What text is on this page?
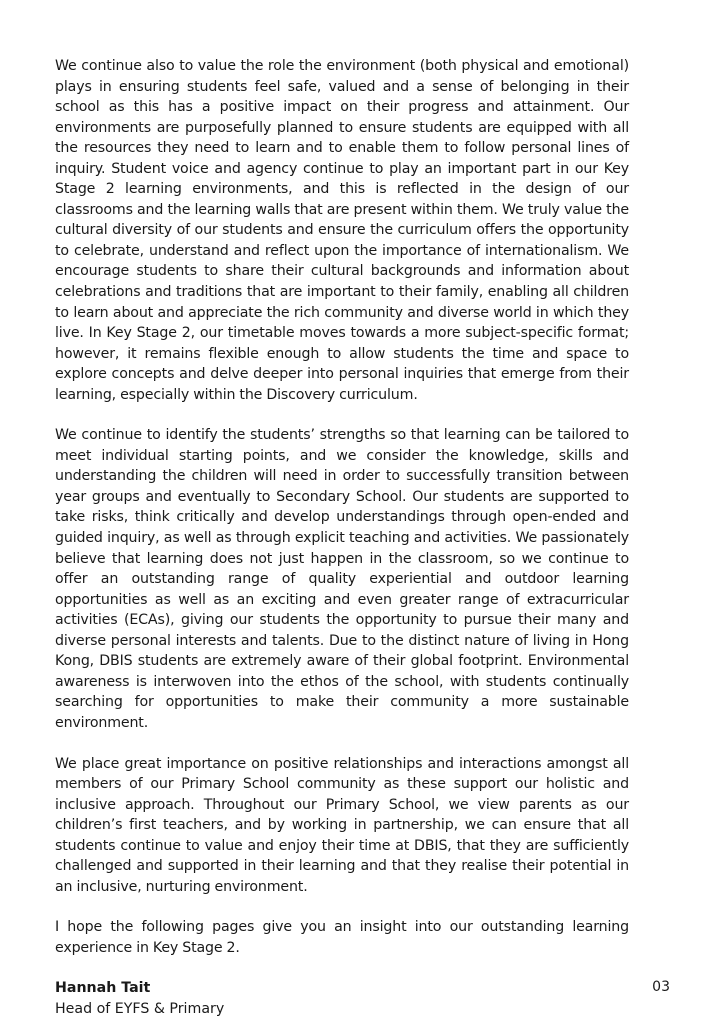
We continue also to value the role the environment (both physical and emotional) plays in ensuring students feel safe, valued and a sense of belonging in their school as this has a positive impact on their progress and attainment. Our environments are purposefully planned to ensure students are equipped with all the resources they need to learn and to enable them to follow personal lines of inquiry. Student voice and agency continue to play an important part in our Key Stage 2 learning environments, and this is reflected in the design of our classrooms and the learning walls that are present within them. We truly value the cultural diversity of our students and ensure the curriculum offers the opportunity to celebrate, understand and reflect upon the importance of internationalism. We encourage students to share their cultural backgrounds and information about celebrations and traditions that are important to their family, enabling all children to learn about and appreciate the rich community and diverse world in which they live. In Key Stage 2, our timetable moves towards a more subject-specific format; however, it remains flexible enough to allow students the time and space to explore concepts and delve deeper into personal inquiries that emerge from their learning, especially within the Discovery curriculum.

We continue to identify the students’ strengths so that learning can be tailored to meet individual starting points, and we consider the knowledge, skills and understanding the children will need in order to successfully transition between year groups and eventually to Secondary School. Our students are supported to take risks, think critically and develop understandings through open-ended and guided inquiry, as well as through explicit teaching and activities. We passionately believe that learning does not just happen in the classroom, so we continue to offer an outstanding range of quality experiential and outdoor learning opportunities as well as an exciting and even greater range of extracurricular activities (ECAs), giving our students the opportunity to pursue their many and diverse personal interests and talents. Due to the distinct nature of living in Hong Kong, DBIS students are extremely aware of their global footprint. Environmental awareness is interwoven into the ethos of the school, with students continually searching for opportunities to make their community a more sustainable environment.

We place great importance on positive relationships and interactions amongst all members of our Primary School community as these support our holistic and inclusive approach. Throughout our Primary School, we view parents as our children’s first teachers, and by working in partnership, we can ensure that all students continue to value and enjoy their time at DBIS, that they are sufficiently challenged and supported in their learning and that they realise their potential in an inclusive, nurturing environment.

I hope the following pages give you an insight into our outstanding learning experience in Key Stage 2.

Hannah Tait
Head of EYFS & Primary
03
